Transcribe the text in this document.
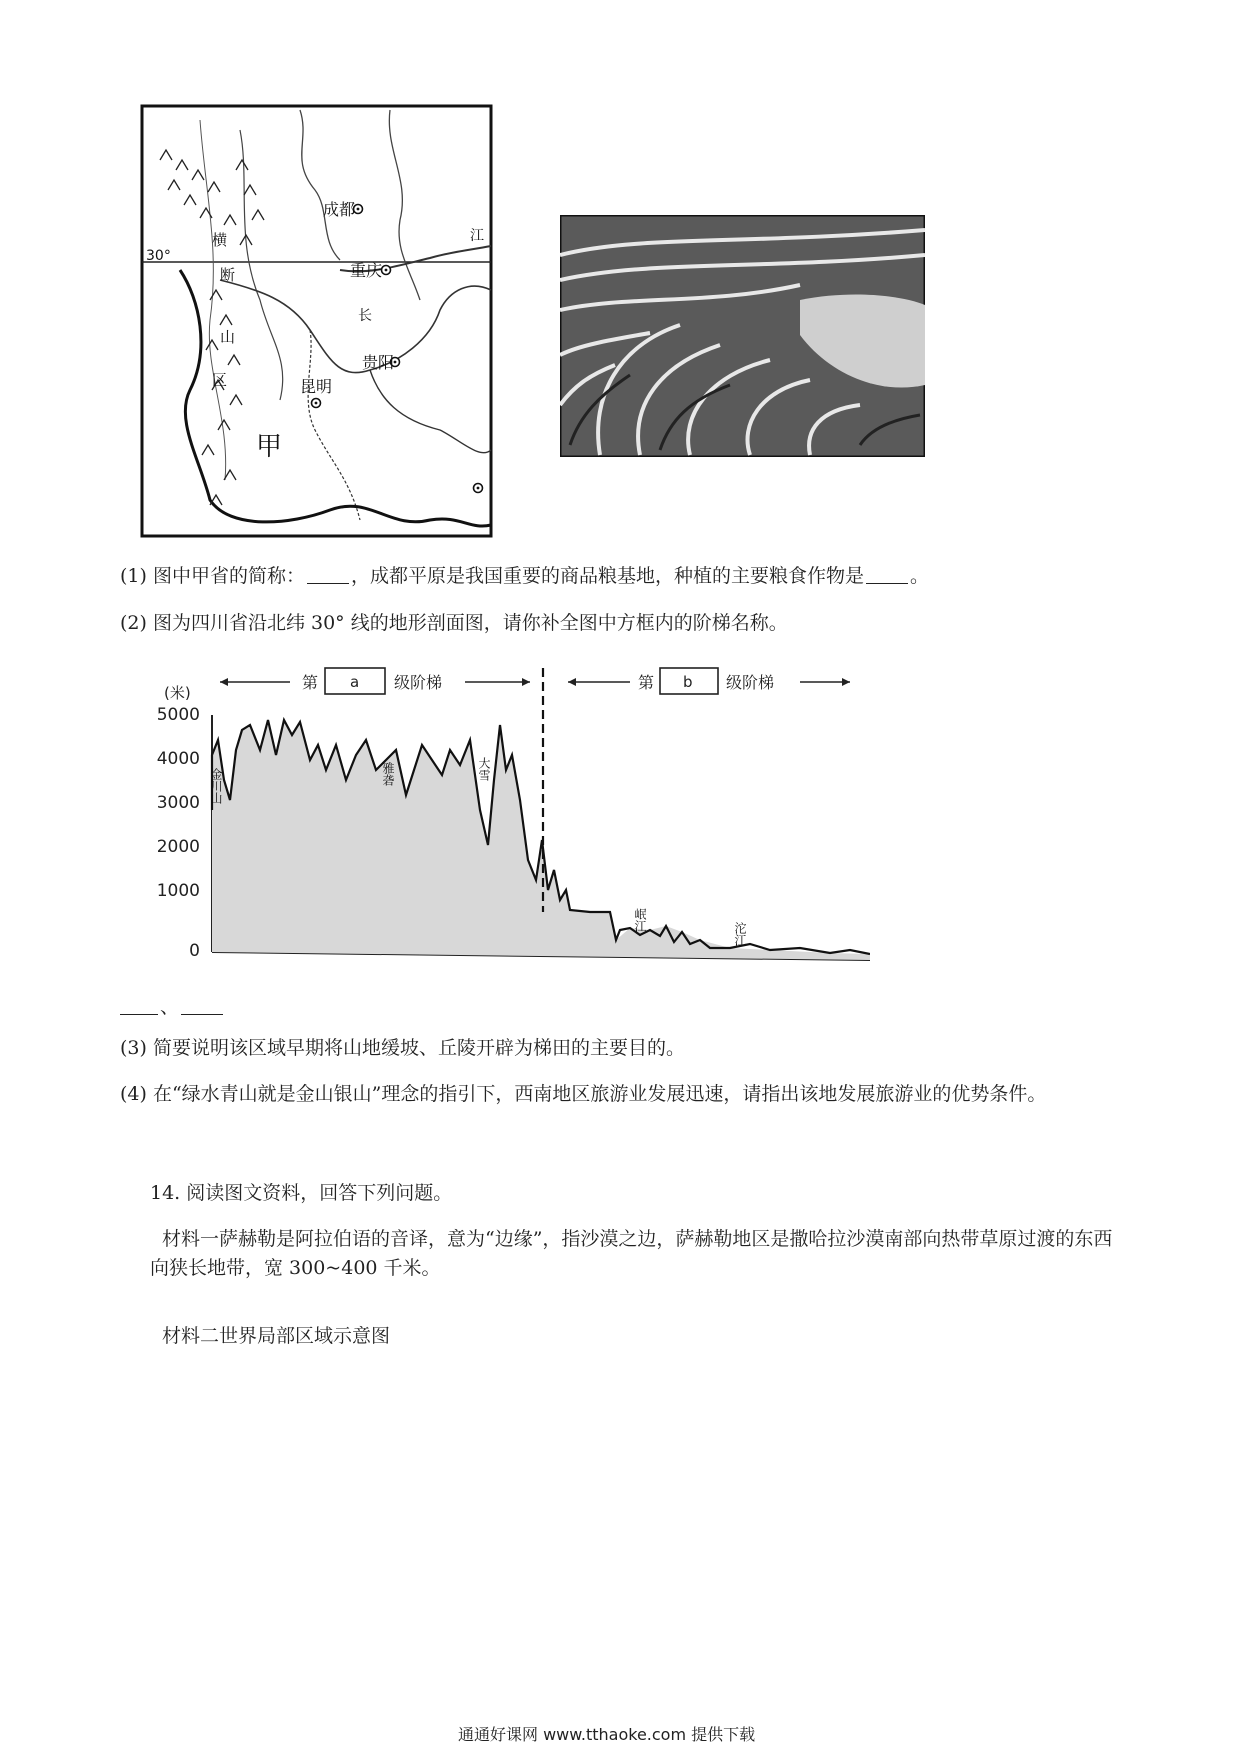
成都
重庆
贵阳
昆明
甲
30°
江
长
横
断
山
区
(1) 图中甲省的简称： ，成都平原是我国重要的商品粮基地，种植的主要粮食作物是 。
(2) 图为四川省沿北纬 30° 线的地形剖面图，请你补全图中方框内的阶梯名称。
第 a 级阶梯	第 b 级阶梯
(米)
5000
4000
3000
2000
1000
0
金川山	雅砻	大雪
岷江
沱江
、
(3) 简要说明该区域早期将山地缓坡、丘陵开辟为梯田的主要目的。
(4) 在“绿水青山就是金山银山”理念的指引下，西南地区旅游业发展迅速，请指出该地发展旅游业的优势条件。
14. 阅读图文资料，回答下列问题。
材料一萨赫勒是阿拉伯语的音译，意为“边缘”，指沙漠之边，萨赫勒地区是撒哈拉沙漠南部向热带草原过渡的东西向狭长地带，宽 300~400 千米。
材料二世界局部区域示意图
通通好课网 www.tthaoke.com 提供下载
